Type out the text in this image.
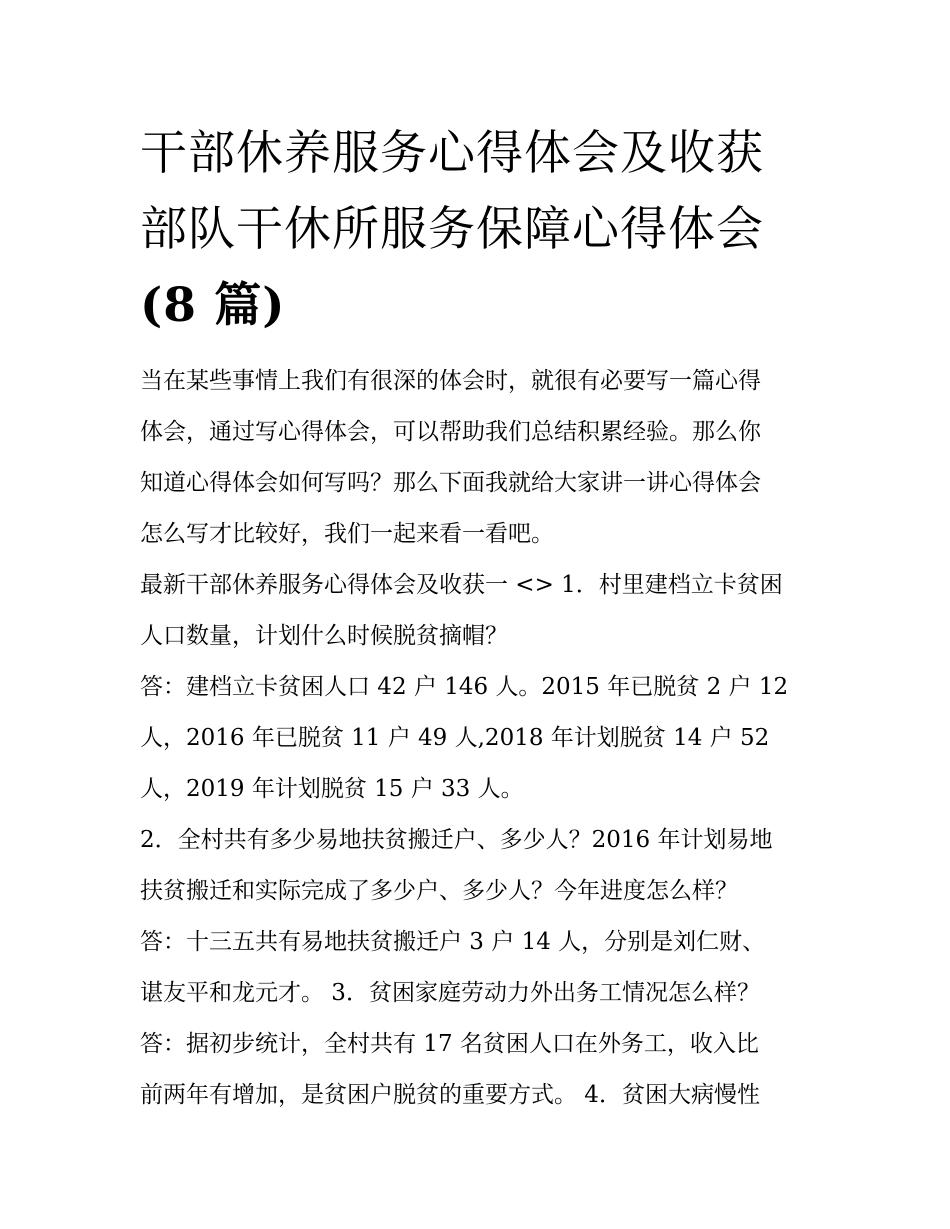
干部休养服务心得体会及收获
部队干休所服务保障心得体会
(8 篇)
当在某些事情上我们有很深的体会时，就很有必要写一篇心得
体会，通过写心得体会，可以帮助我们总结积累经验。那么你
知道心得体会如何写吗？那么下面我就给大家讲一讲心得体会
怎么写才比较好，我们一起来看一看吧。
最新干部休养服务心得体会及收获一 <> 1．村里建档立卡贫困
人口数量，计划什么时候脱贫摘帽？
答：建档立卡贫困人口 42 户 146 人。2015 年已脱贫 2 户 12
人，2016 年已脱贫 11 户 49 人,2018 年计划脱贫 14 户 52
人，2019 年计划脱贫 15 户 33 人。
2．全村共有多少易地扶贫搬迁户、多少人？2016 年计划易地
扶贫搬迁和实际完成了多少户、多少人？今年进度怎么样？
答：十三五共有易地扶贫搬迁户 3 户 14 人，分别是刘仁财、
谌友平和龙元才。 3．贫困家庭劳动力外出务工情况怎么样？
答：据初步统计，全村共有 17 名贫困人口在外务工，收入比
前两年有增加，是贫困户脱贫的重要方式。 4．贫困大病慢性
